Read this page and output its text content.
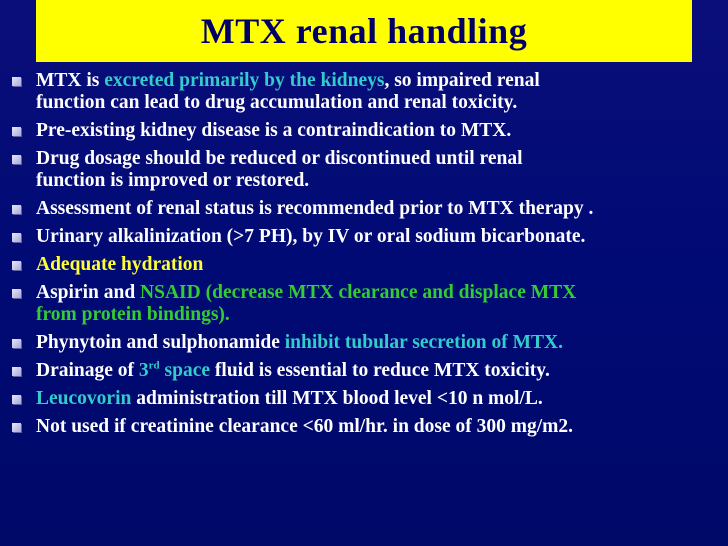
MTX renal handling
MTX is excreted primarily by the kidneys, so impaired renal
function can lead to drug accumulation and renal toxicity.
Pre-existing kidney disease is a contraindication to MTX.
Drug dosage should be reduced or discontinued until renal
function is improved or restored.
Assessment of renal status is recommended prior to MTX therapy .
Urinary alkalinization (>7 PH), by IV or oral sodium bicarbonate.
Adequate hydration
Aspirin and NSAID (decrease MTX clearance and displace MTX
from protein bindings).
Phynytoin and sulphonamide inhibit tubular secretion of MTX.
Drainage of 3rd space fluid is essential to reduce MTX toxicity.
Leucovorin administration till MTX blood level <10 n mol/L.
Not used if creatinine clearance <60 ml/hr. in dose of 300 mg/m2.
